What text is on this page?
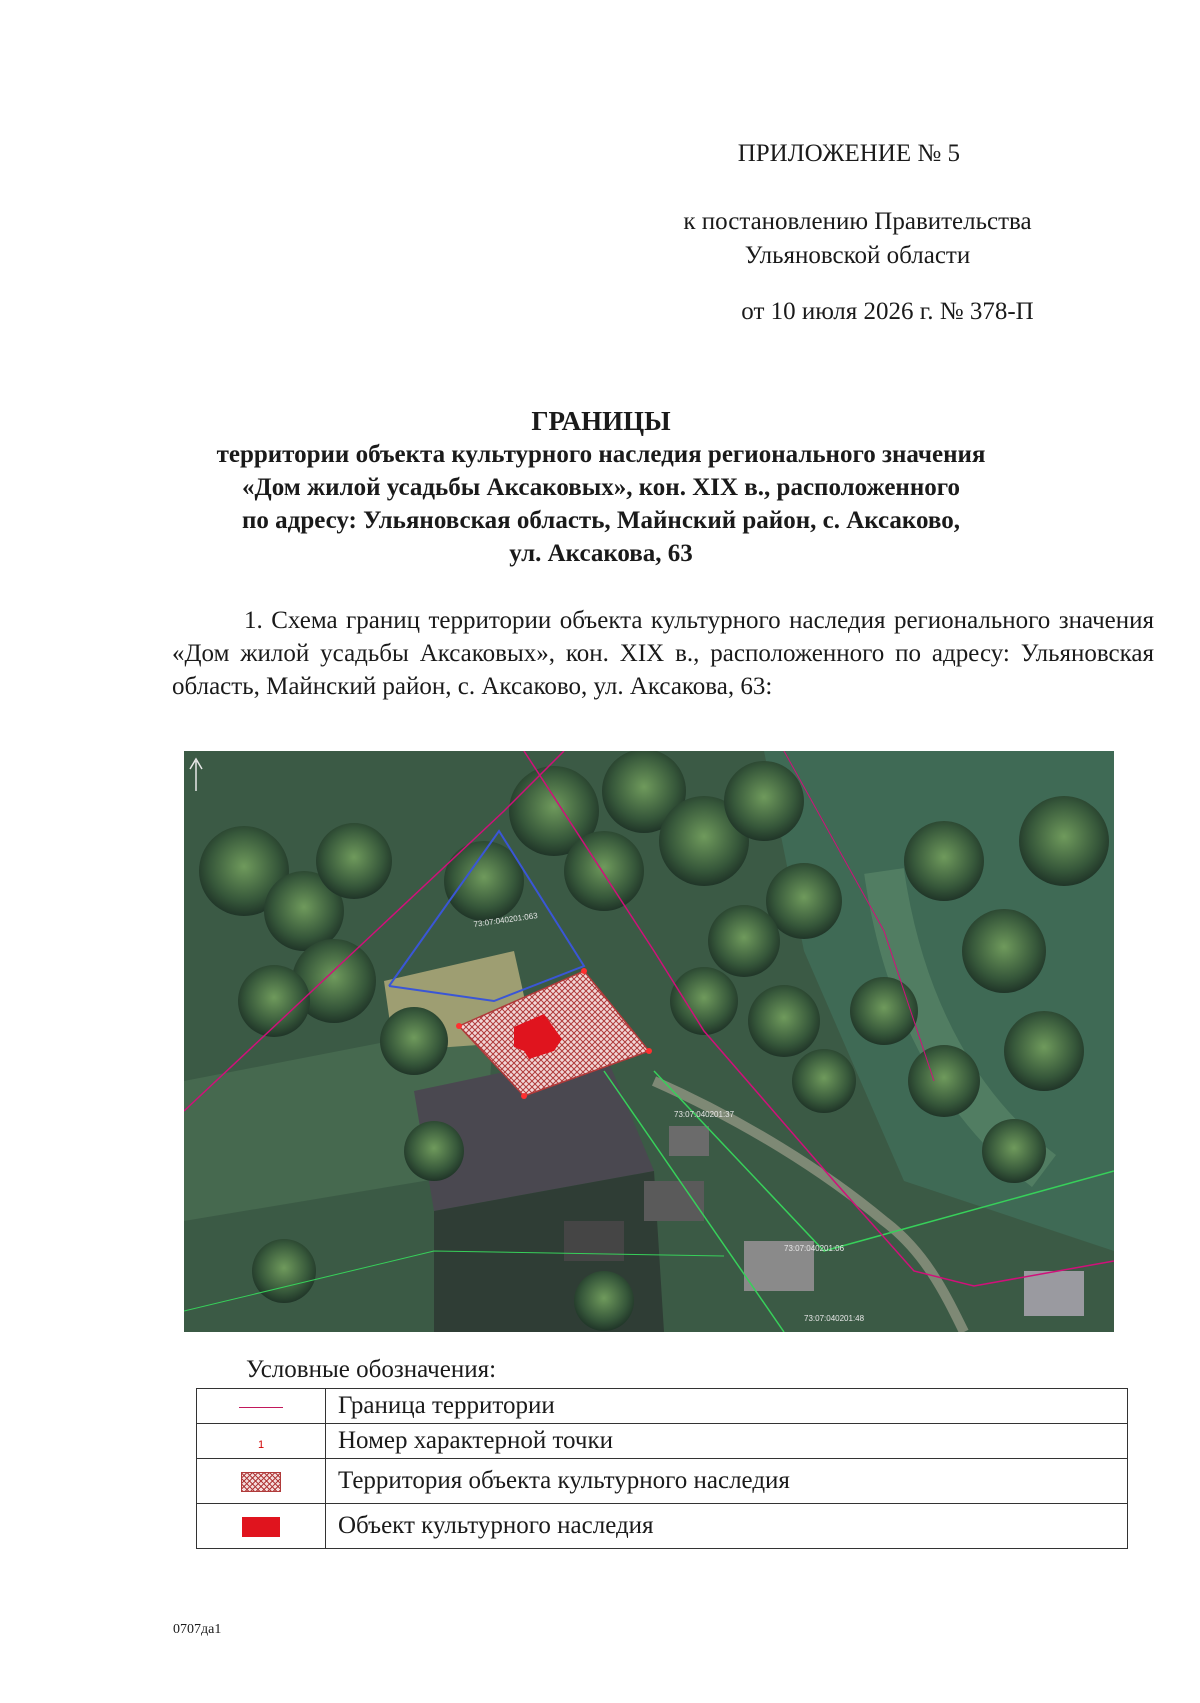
ПРИЛОЖЕНИЕ № 5
к постановлению Правительства
Ульяновской области
от 10 июля 2026 г. № 378-П
ГРАНИЦЫ
территории объекта культурного наследия регионального значения
«Дом жилой усадьбы Аксаковых», кон. XIX в., расположенного
по адресу: Ульяновская область, Майнский район, с. Аксаково,
ул. Аксакова, 63
1. Схема границ территории объекта культурного наследия регионального значения «Дом жилой усадьбы Аксаковых», кон. XIX в., расположенного по адресу: Ульяновская область, Майнский район, с. Аксаково, ул. Аксакова, 63:
73:07:040201:063
73:07:040201:37
73:07:040201:06
73:07:040201:48
Условные обозначения:
	Граница территории
1	Номер характерной точки
	Территория объекта культурного наследия
	Объект культурного наследия
0707да1
